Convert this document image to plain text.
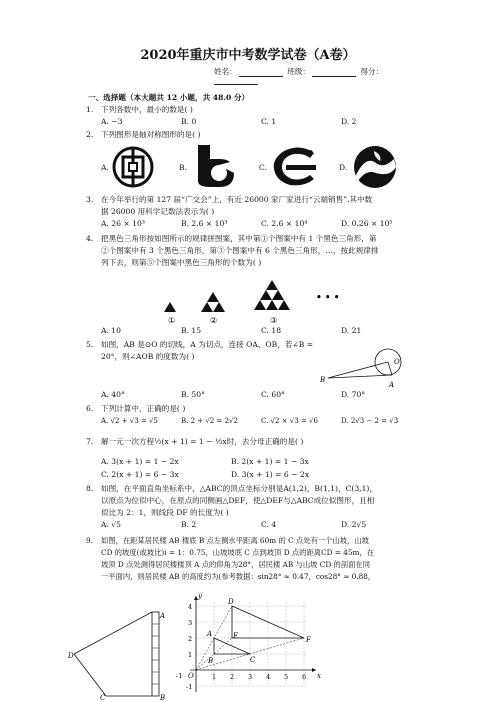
2020年重庆市中考数学试卷（A卷）
姓名：	班级：	得分：
一、选择题（本大题共 12 小题，共 48.0 分）
1. 下列各数中，最小的数是( )
A. −3	B. 0	C. 1	D. 2
2. 下列图形是轴对称图形的是( )
A.	B.	C.	D.
3. 在今年举行的第 127 届“广交会”上，有近 26000 家厂家进行“云端销售”.其中数
据 26000 用科学记数法表示为( )
A. 26 × 10³	B. 2.6 × 10³	C. 2.6 × 10⁴	D. 0.26 × 10⁵
4. 把黑色三角形按如图所示的规律拼图案，其中第①个图案中有 1 个黑色三角形，第
②个图案中有 3 个黑色三角形，第③个图案中有 6 个黑色三角形，…，按此规律排
列下去，则第⑤个图案中黑色三角形的个数为( )
①	②	③
• • •
A. 10	B. 15	C. 18	D. 21
5. 如图，AB 是⊙O 的切线，A 为切点，连接 OA、OB，若∠B =
20°，则∠AOB 的度数为( )
O
B
A
A. 40°	B. 50°	C. 60°	D. 70°
6. 下列计算中，正确的是( )
A. √2 + √3 = √5	B. 2 + √2 = 2√2	C. √2 × √3 = √6	D. 2√3 − 2 = √3
7. 解一元一次方程½(x + 1) = 1 − ⅓x时，去分母正确的是( )
A. 3(x + 1) = 1 − 2x	B. 2(x + 1) = 1 − 3x
C. 2(x + 1) = 6 − 3x	D. 3(x + 1) = 6 − 2x
8. 如图，在平面直角坐标系中，△ABC的顶点坐标分别是A(1,2)，B(1,1)，C(3,1)，
以原点为位似中心，在原点的同侧画△DEF，使△DEF与△ABC成位似图形，且相
似比为 2：1，则线段 DF 的长度为( )
A. √5	B. 2	C. 4	D. 2√5
9. 如图，在距某居民楼 AB 楼底 B 点左侧水平距离 60m 的 C 点处有一个山坡，山坡
CD 的坡度(或坡比)i = 1：0.75，山坡坡底 C 点到坡顶 D 点的距离CD = 45m，在
坡顶 D 点处测得居民楼楼顶 A 点的仰角为28°，居民楼 AB 与山坡 CD 的剖面在同
一平面内，则居民楼 AB 的高度约为(参考数据：sin28° ≈ 0.47，cos28° ≈ 0.88，
A
B
C
D
y
x
O
-1
-1
1 2 3 4 5 6
1
2
3
4
A
B	C
D
E	F
